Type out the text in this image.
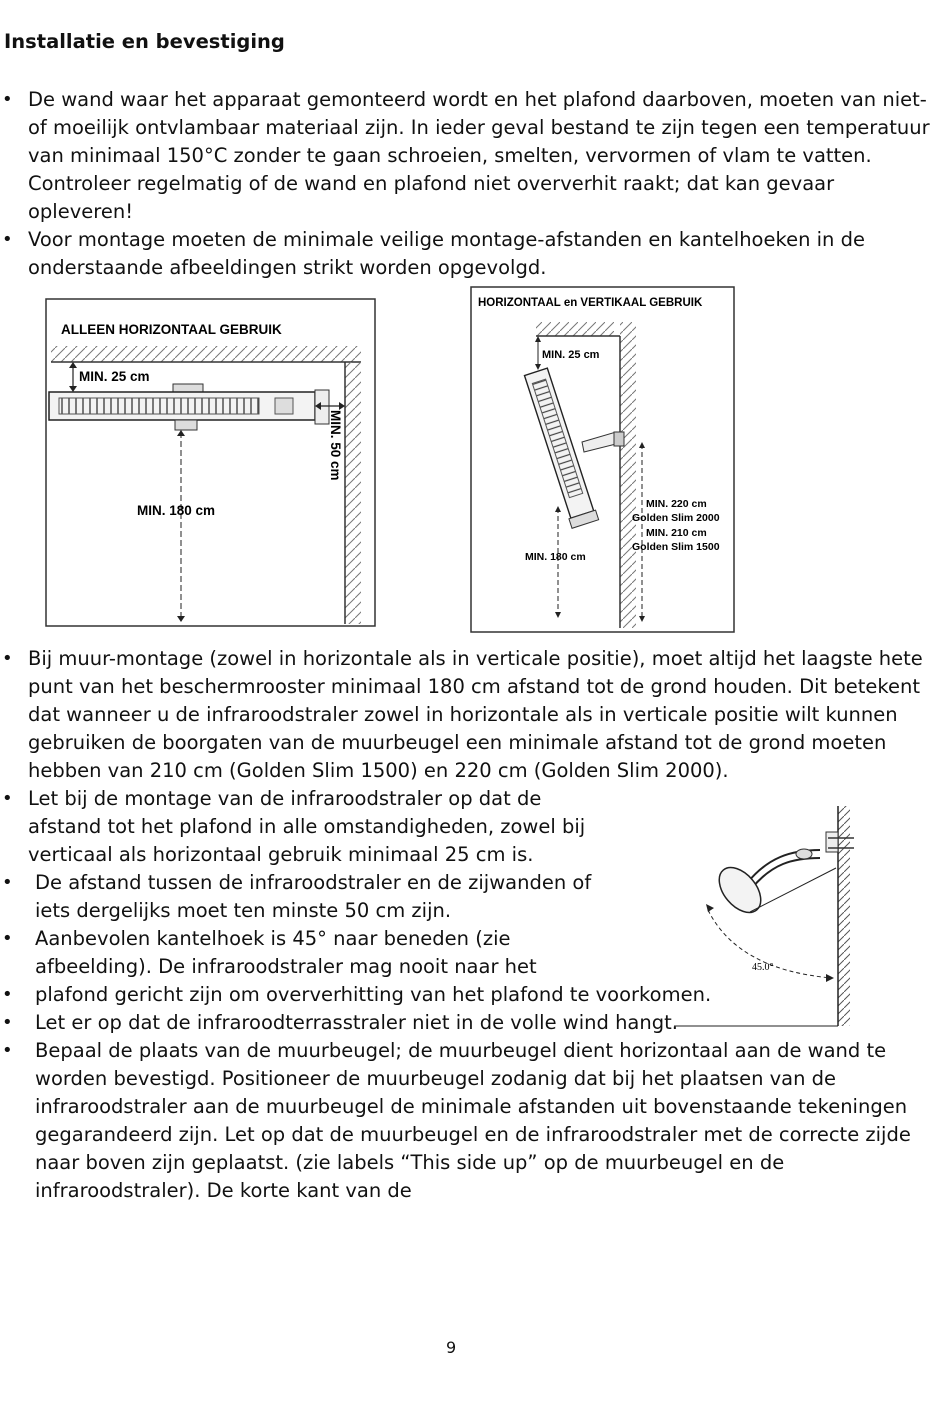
Installatie en bevestiging
• De wand waar het apparaat gemonteerd wordt en het plafond daarboven, moeten van niet- of moeilijk ontvlambaar materiaal zijn. In ieder geval bestand te zijn tegen een temperatuur van minimaal 150°C zonder te gaan schroeien, smelten, vervormen of vlam te vatten. Controleer regelmatig of de wand en plafond niet oververhit raakt; dat kan gevaar opleveren!
• Voor montage moeten de minimale veilige montage-afstanden en kantelhoeken in de onderstaande afbeeldingen strikt worden opgevolgd.
ALLEEN HORIZONTAAL GEBRUIK
MIN. 25 cm
MIN. 50 cm
MIN. 180 cm
HORIZONTAAL en VERTIKAAL GEBRUIK
MIN. 25 cm
MIN. 180 cm
MIN. 220 cm
Golden Slim 2000
MIN. 210 cm
Golden Slim 1500
• Bij muur-montage (zowel in horizontale als in verticale positie), moet altijd het laagste hete punt van het beschermrooster minimaal 180 cm afstand tot de grond houden. Dit betekent dat wanneer u de infraroodstraler zowel in horizontale als in verticale positie wilt kunnen gebruiken de boorgaten van de muurbeugel een minimale afstand tot de grond moeten hebben van 210 cm (Golden Slim 1500) en 220 cm (Golden Slim 2000).
• Let bij de montage van de infraroodstraler op dat de afstand tot het plafond in alle omstandigheden, zowel bij verticaal als horizontaal gebruik minimaal 25 cm is.
• De afstand tussen de infraroodstraler en de zijwanden of iets dergelijks moet ten minste 50 cm zijn.
• Aanbevolen kantelhoek is 45° naar beneden (zie afbeelding). De infraroodstraler mag nooit naar het
• plafond gericht zijn om oververhitting van het plafond te voorkomen.
• Let er op dat de infraroodterrasstraler niet in de volle wind hangt.
• Bepaal de plaats van de muurbeugel; de muurbeugel dient horizontaal aan de wand te worden bevestigd. Positioneer de muurbeugel zodanig dat bij het plaatsen van de infraroodstraler aan de muurbeugel de minimale afstanden uit bovenstaande tekeningen gegarandeerd zijn. Let op dat de muurbeugel en de infraroodstraler met de correcte zijde naar boven zijn geplaatst. (zie labels “This side up” op de muurbeugel en de infraroodstraler). De korte kant van de
45.0°
9
